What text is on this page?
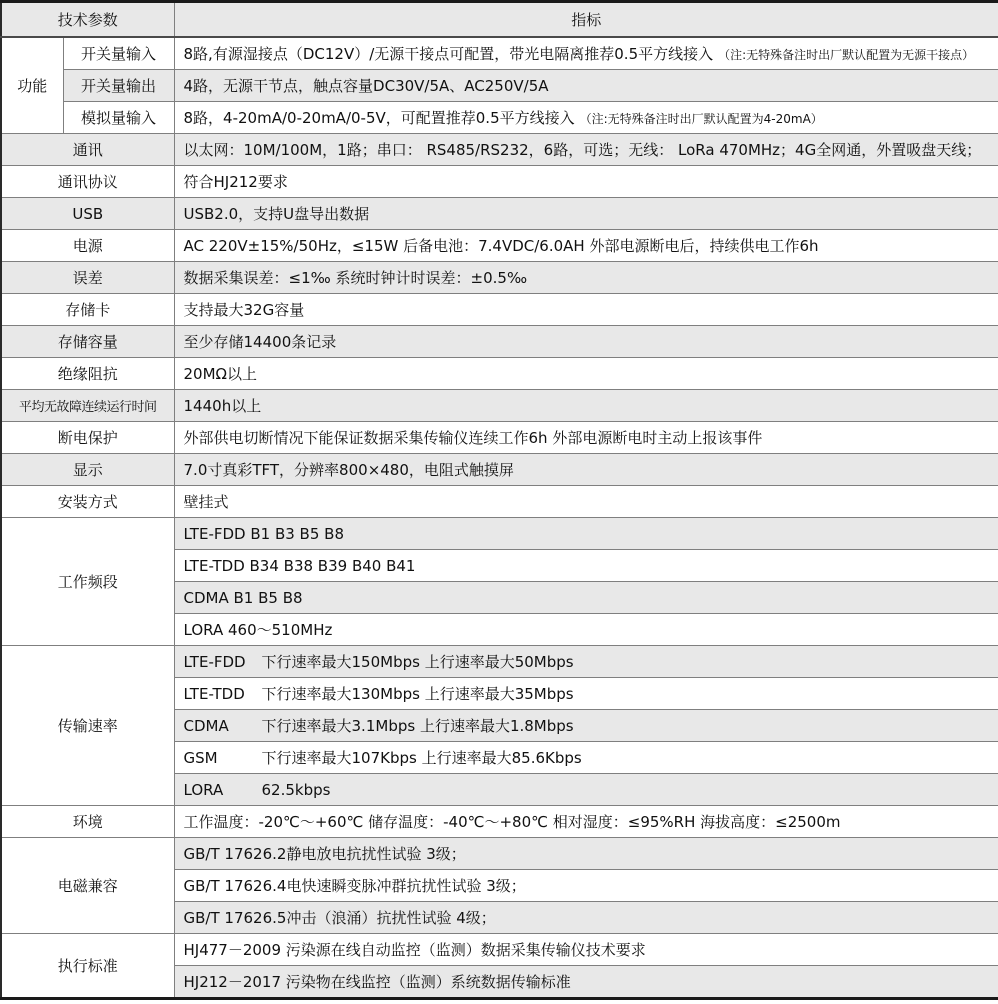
技术参数		指标
功能	开关量输入	8路,有源湿接点（DC12V）/无源干接点可配置，带光电隔离推荐0.5平方线接入 （注:无特殊备注时出厂默认配置为无源干接点）
	开关量输出	4路，无源干节点，触点容量DC30V/5A、AC250V/5A
	模拟量输入	8路，4-20mA/0-20mA/0-5V，可配置推荐0.5平方线接入 （注:无特殊备注时出厂默认配置为4-20mA）
通讯		以太网：10M/100M，1路；串口： RS485/RS232，6路，可选；无线： LoRa 470MHz；4G全网通，外置吸盘天线；
通讯协议		符合HJ212要求
USB		USB2.0，支持U盘导出数据
电源		AC 220V±15%/50Hz，≤15W 后备电池：7.4VDC/6.0AH 外部电源断电后，持续供电工作6h
误差		数据采集误差：≤1‰ 系统时钟计时误差：±0.5‰
存储卡		支持最大32G容量
存储容量		至少存储14400条记录
绝缘阻抗		20MΩ以上
平均无故障连续运行时间		1440h以上
断电保护		外部供电切断情况下能保证数据采集传输仪连续工作6h 外部电源断电时主动上报该事件
显示		7.0寸真彩TFT，分辨率800×480，电阻式触摸屏
安装方式		壁挂式
工作频段		LTE-FDD B1 B3 B5 B8
		LTE-TDD B34 B38 B39 B40 B41
		CDMA B1 B5 B8
		LORA 460～510MHz
传输速率		LTE-FDD 下行速率最大150Mbps 上行速率最大50Mbps
		LTE-TDD 下行速率最大130Mbps 上行速率最大35Mbps
		CDMA 下行速率最大3.1Mbps 上行速率最大1.8Mbps
		GSM 下行速率最大107Kbps 上行速率最大85.6Kbps
		LORA 62.5kbps
环境		工作温度：-20℃～+60℃ 储存温度：-40℃～+80℃ 相对湿度：≤95%RH 海拔高度：≤2500m
电磁兼容		GB/T 17626.2静电放电抗扰性试验 3级；
		GB/T 17626.4电快速瞬变脉冲群抗扰性试验 3级；
		GB/T 17626.5冲击（浪涌）抗扰性试验 4级；
执行标准		HJ477－2009 污染源在线自动监控（监测）数据采集传输仪技术要求
		HJ212－2017 污染物在线监控（监测）系统数据传输标准
